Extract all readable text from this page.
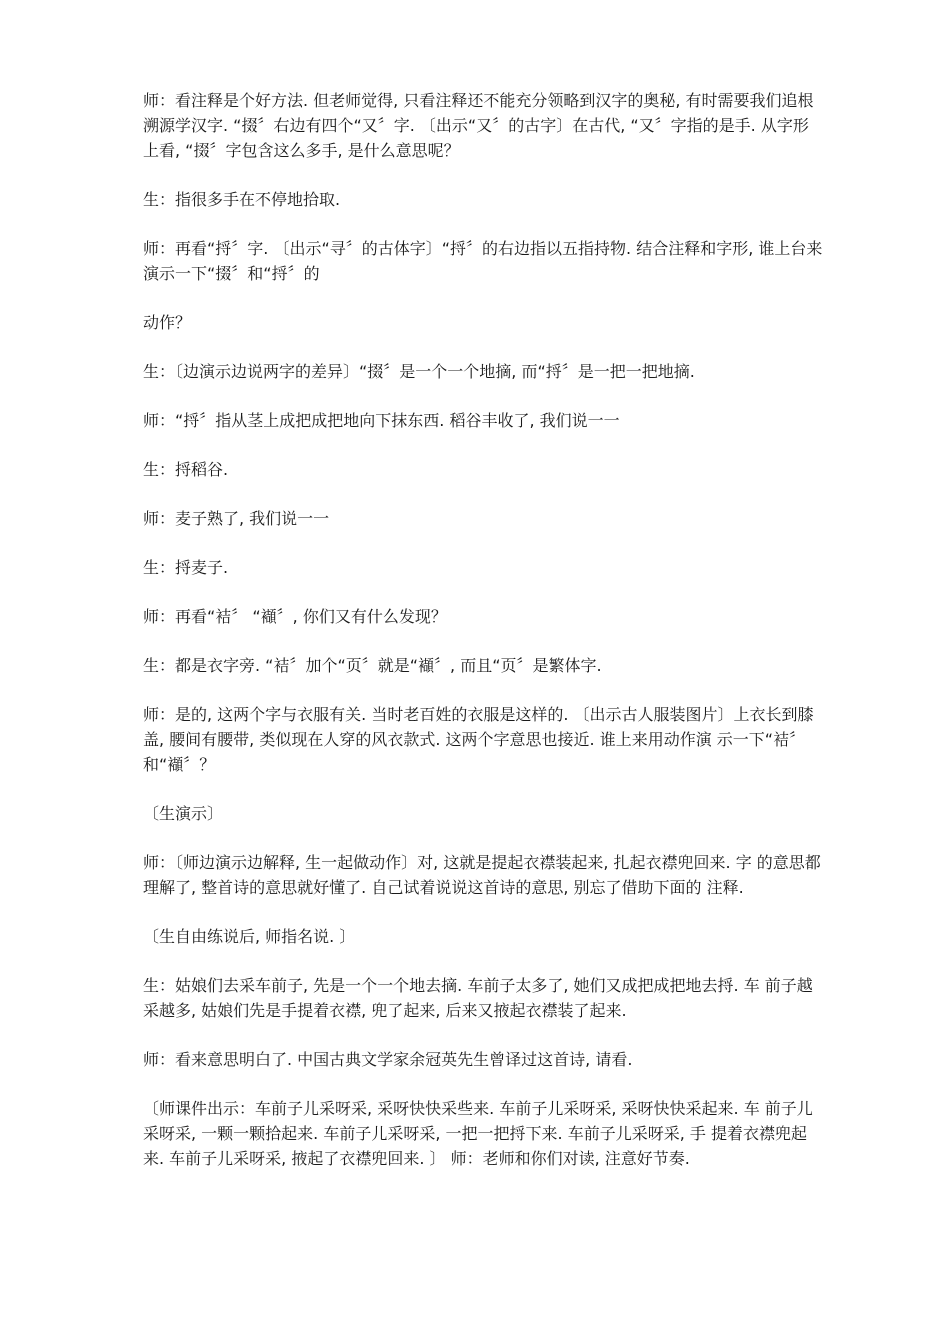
师：看注释是个好方法. 但老师觉得, 只看注释还不能充分领略到汉字的奥秘, 有时需要我们追根溯源学汉字. “掇〞右边有四个“又〞字. 〔出示“又〞的古字〕在古代, “又〞字指的是手. 从字形上看, “掇〞字包含这么多手, 是什么意思呢？

生：指很多手在不停地拾取.

师：再看“捋〞字. 〔出示“寻〞的古体字〕“捋〞的右边指以五指持物. 结合注释和字形, 谁上台来演示一下“掇〞和“捋〞的

动作？

生：〔边演示边说两字的差异〕“掇〞是一个一个地摘, 而“捋〞是一把一把地摘.

师：“捋〞指从茎上成把成把地向下抹东西. 稻谷丰收了, 我们说一一

生：捋稻谷.

师：麦子熟了, 我们说一一

生：捋麦子.

师：再看“袺〞 “襭〞, 你们又有什么发现？

生：都是衣字旁. “袺〞加个“页〞就是“襭〞, 而且“页〞是繁体字.

师：是的, 这两个字与衣服有关. 当时老百姓的衣服是这样的. 〔出示古人服装图片〕上衣长到膝盖, 腰间有腰带, 类似现在人穿的风衣款式. 这两个字意思也接近. 谁上来用动作演 示一下“袺〞和“襭〞？

〔生演示〕

师：〔师边演示边解释, 生一起做动作〕对, 这就是提起衣襟装起来, 扎起衣襟兜回来. 字 的意思都理解了, 整首诗的意思就好懂了. 自己试着说说这首诗的意思, 别忘了借助下面的 注释.

〔生自由练说后, 师指名说. 〕

生：姑娘们去采车前子, 先是一个一个地去摘. 车前子太多了, 她们又成把成把地去捋. 车 前子越采越多, 姑娘们先是手提着衣襟, 兜了起来, 后来又掖起衣襟装了起来.

师：看来意思明白了. 中国古典文学家余冠英先生曾译过这首诗, 请看.

〔师课件出示：车前子儿采呀采, 采呀快快采些来. 车前子儿采呀采, 采呀快快采起来. 车 前子儿采呀采, 一颗一颗拾起来. 车前子儿采呀采, 一把一把捋下来. 车前子儿采呀采, 手 提着衣襟兜起来. 车前子儿采呀采, 掖起了衣襟兜回来. 〕 师：老师和你们对读, 注意好节奏.
